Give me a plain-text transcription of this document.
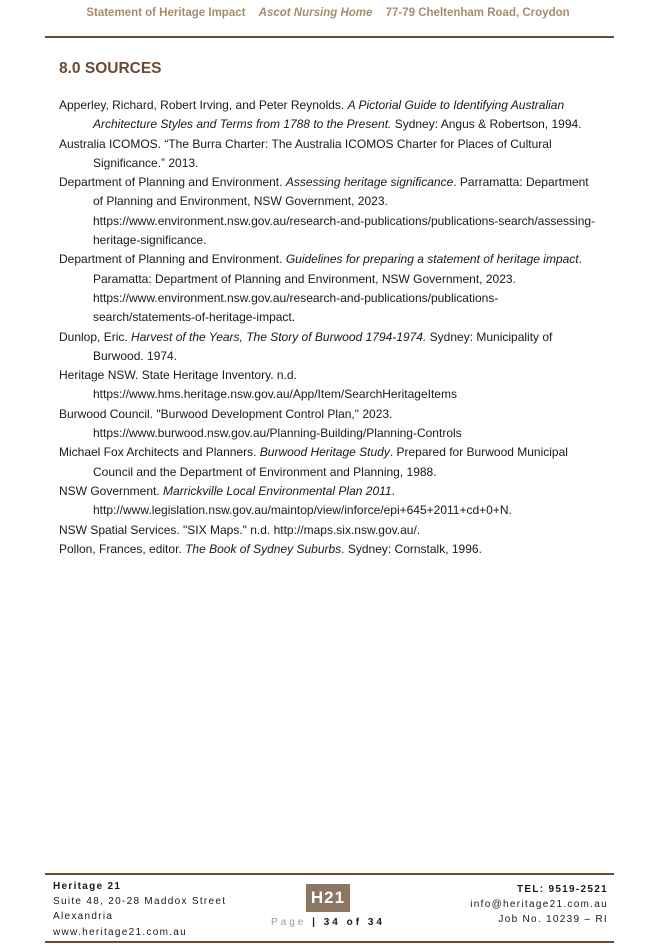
Statement of Heritage Impact Ascot Nursing Home 77-79 Cheltenham Road, Croydon
8.0 SOURCES
Apperley, Richard, Robert Irving, and Peter Reynolds. A Pictorial Guide to Identifying Australian Architecture Styles and Terms from 1788 to the Present. Sydney: Angus & Robertson, 1994.
Australia ICOMOS. “The Burra Charter: The Australia ICOMOS Charter for Places of Cultural Significance.” 2013.
Department of Planning and Environment. Assessing heritage significance. Parramatta: Department of Planning and Environment, NSW Government, 2023. https://www.environment.nsw.gov.au/research-and-publications/publications-search/assessing-heritage-significance.
Department of Planning and Environment. Guidelines for preparing a statement of heritage impact. Paramatta: Department of Planning and Environment, NSW Government, 2023. https://www.environment.nsw.gov.au/research-and-publications/publications-search/statements-of-heritage-impact.
Dunlop, Eric. Harvest of the Years, The Story of Burwood 1794-1974. Sydney: Municipality of Burwood. 1974.
Heritage NSW. State Heritage Inventory. n.d. https://www.hms.heritage.nsw.gov.au/App/Item/SearchHeritageItems
Burwood Council. "Burwood Development Control Plan," 2023. https://www.burwood.nsw.gov.au/Planning-Building/Planning-Controls
Michael Fox Architects and Planners. Burwood Heritage Study. Prepared for Burwood Municipal Council and the Department of Environment and Planning, 1988.
NSW Government. Marrickville Local Environmental Plan 2011. http://www.legislation.nsw.gov.au/maintop/view/inforce/epi+645+2011+cd+0+N.
NSW Spatial Services. "SIX Maps." n.d. http://maps.six.nsw.gov.au/.
Pollon, Frances, editor. The Book of Sydney Suburbs. Sydney: Cornstalk, 1996.
Heritage 21
Suite 48, 20-28 Maddox Street
Alexandria
www.heritage21.com.au
H21
Page | 34 of 34
TEL: 9519-2521
info@heritage21.com.au
Job No. 10239 – RI
